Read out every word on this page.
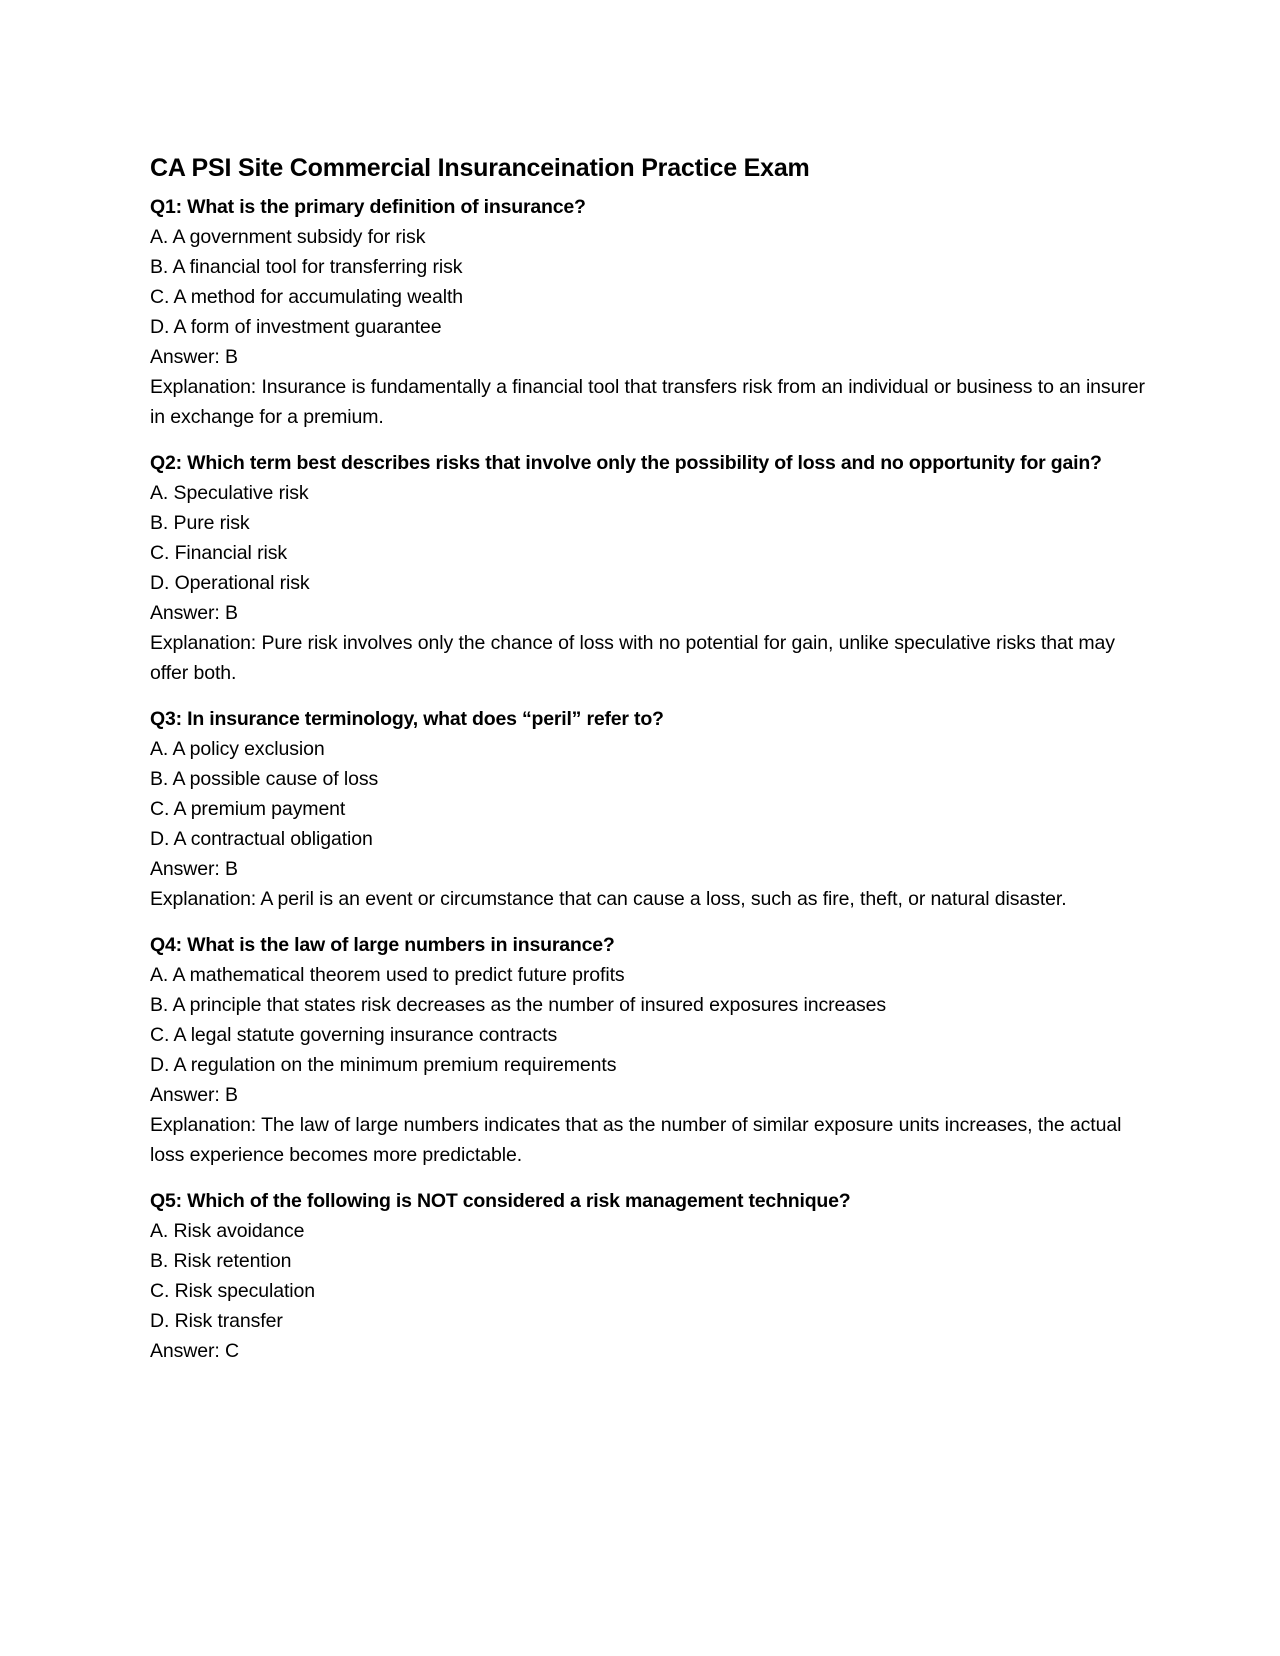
CA PSI Site Commercial Insuranceination Practice Exam

Q1: What is the primary definition of insurance?

A. A government subsidy for risk

B. A financial tool for transferring risk

C. A method for accumulating wealth

D. A form of investment guarantee

Answer: B

Explanation: Insurance is fundamentally a financial tool that transfers risk from an individual or business to an insurer in exchange for a premium.

Q2: Which term best describes risks that involve only the possibility of loss and no opportunity for gain?

A. Speculative risk

B. Pure risk

C. Financial risk

D. Operational risk

Answer: B

Explanation: Pure risk involves only the chance of loss with no potential for gain, unlike speculative risks that may offer both.

Q3: In insurance terminology, what does “peril” refer to?

A. A policy exclusion

B. A possible cause of loss

C. A premium payment

D. A contractual obligation

Answer: B

Explanation: A peril is an event or circumstance that can cause a loss, such as fire, theft, or natural disaster.

Q4: What is the law of large numbers in insurance?

A. A mathematical theorem used to predict future profits

B. A principle that states risk decreases as the number of insured exposures increases

C. A legal statute governing insurance contracts

D. A regulation on the minimum premium requirements

Answer: B

Explanation: The law of large numbers indicates that as the number of similar exposure units increases, the actual loss experience becomes more predictable.

Q5: Which of the following is NOT considered a risk management technique?

A. Risk avoidance

B. Risk retention

C. Risk speculation

D. Risk transfer

Answer: C
